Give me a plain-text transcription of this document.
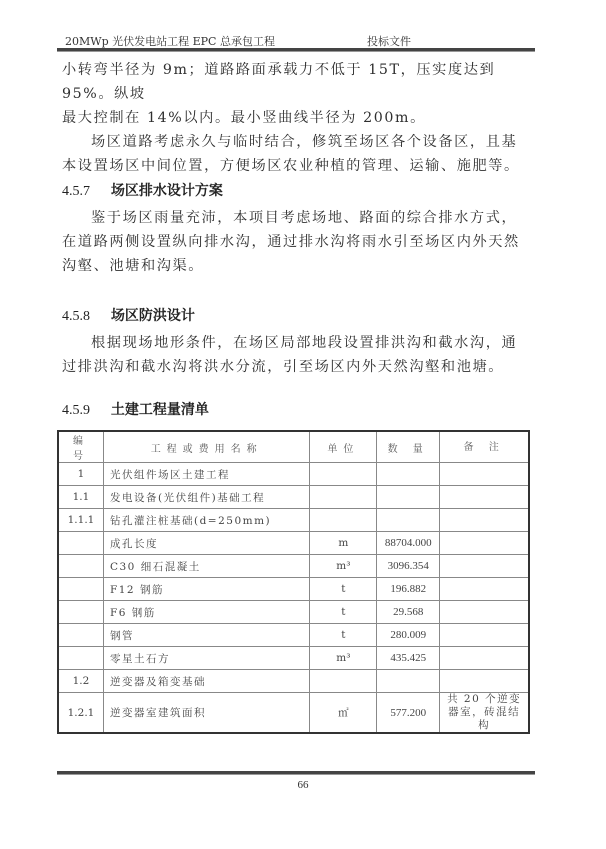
20MWp 光伏发电站工程 EPC 总承包工程	投标文件

小转弯半径为 9m；道路路面承载力不低于 15T，压实度达到 95%。纵坡

最大控制在 14%以内。最小竖曲线半径为 200m。

场区道路考虑永久与临时结合，修筑至场区各个设备区，且基本设置场区中间位置，方便场区农业种植的管理、运输、施肥等。

4.5.7 场区排水设计方案

鉴于场区雨量充沛，本项目考虑场地、路面的综合排水方式，在道路两侧设置纵向排水沟，通过排水沟将雨水引至场区内外天然沟壑、池塘和沟渠。

4.5.8 场区防洪设计

根据现场地形条件，在场区局部地段设置排洪沟和截水沟，通过排洪沟和截水沟将洪水分流，引至场区内外天然沟壑和池塘。

4.5.9 土建工程量清单
编号	工程或费用名称	单位	数 量	备 注
1	光伏组件场区土建工程			
1.1	发电设备(光伏组件)基础工程			
1.1.1	钻孔灌注桩基础(d=250mm)			
	成孔长度	m	88704.000	
	C30 细石混凝土	m³	3096.354	
	F12 钢筋	t	196.882	
	F6 钢筋	t	29.568	
	钢管	t	280.009	
	零星土石方	m³	435.425	
1.2	逆变器及箱变基础			
1.2.1	逆变器室建筑面积	㎡	577.200	共 20 个逆变器室，砖混结构
66
